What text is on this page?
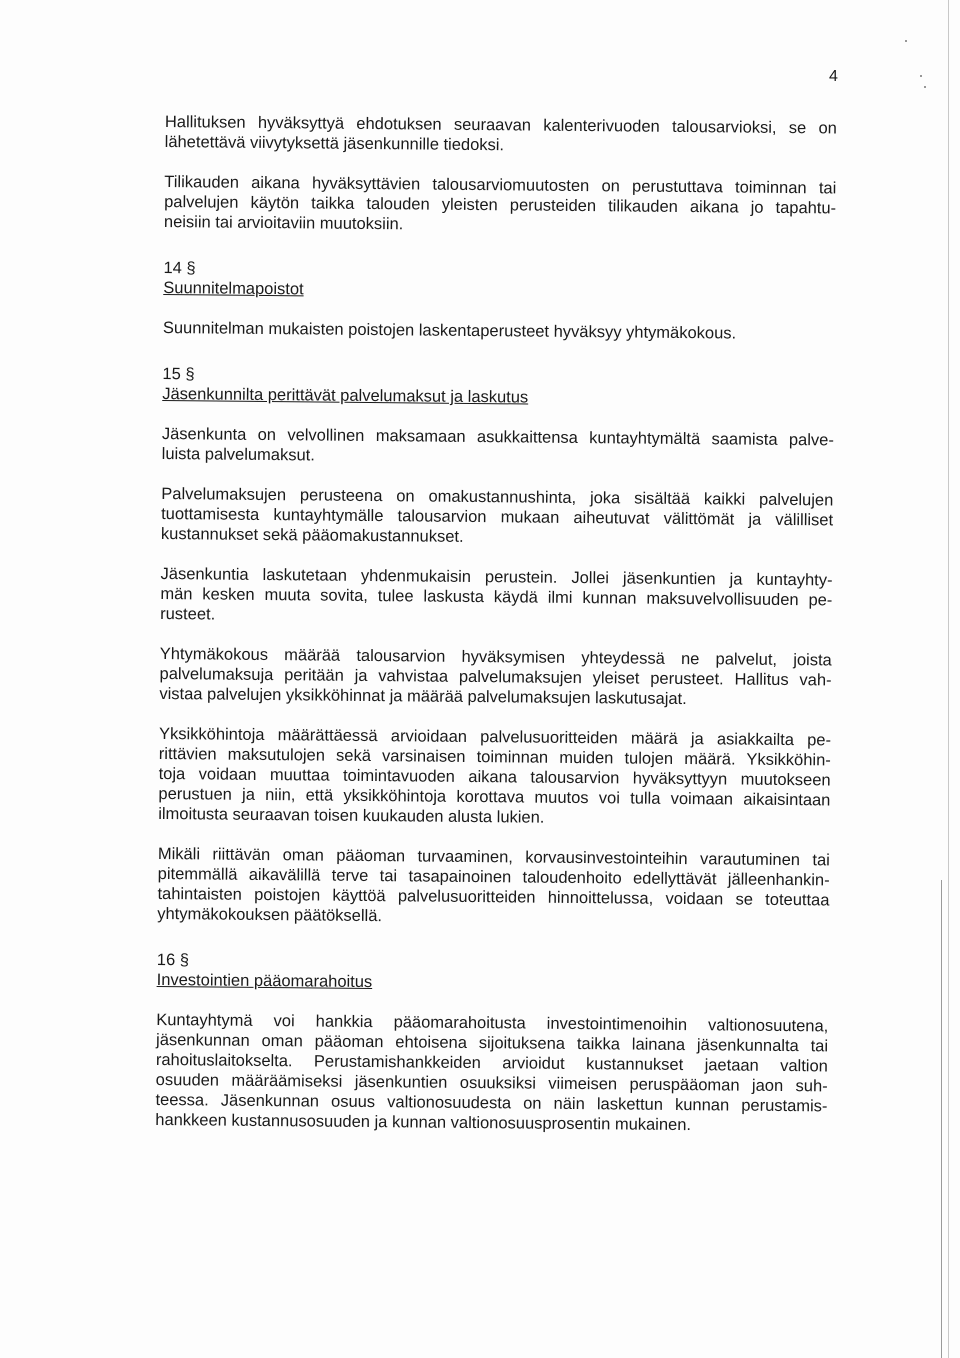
4

Hallituksen hyväksyttyä ehdotuksen seuraavan kalenterivuoden talousarvioksi, se on
lähetettävä viivytyksettä jäsenkunnille tiedoksi.

Tilikauden aikana hyväksyttävien talousarviomuutosten on perustuttava toiminnan tai
palvelujen käytön taikka talouden yleisten perusteiden tilikauden aikana jo tapahtu-
neisiin tai arvioitaviin muutoksiin.

14 §
Suunnitelmapoistot

Suunnitelman mukaisten poistojen laskentaperusteet hyväksyy yhtymäkokous.

15 §
Jäsenkunnilta perittävät palvelumaksut ja laskutus

Jäsenkunta on velvollinen maksamaan asukkaittensa kuntayhtymältä saamista palve-
luista palvelumaksut.

Palvelumaksujen perusteena on omakustannushinta, joka sisältää kaikki palvelujen
tuottamisesta kuntayhtymälle talousarvion mukaan aiheutuvat välittömät ja välilliset
kustannukset sekä pääomakustannukset.

Jäsenkuntia laskutetaan yhdenmukaisin perustein. Jollei jäsenkuntien ja kuntayhty-
män kesken muuta sovita, tulee laskusta käydä ilmi kunnan maksuvelvollisuuden pe-
rusteet.

Yhtymäkokous määrää talousarvion hyväksymisen yhteydessä ne palvelut, joista
palvelumaksuja peritään ja vahvistaa palvelumaksujen yleiset perusteet. Hallitus vah-
vistaa palvelujen yksikköhinnat ja määrää palvelumaksujen laskutusajat.

Yksikköhintoja määrättäessä arvioidaan palvelusuoritteiden määrä ja asiakkailta pe-
rittävien maksutulojen sekä varsinaisen toiminnan muiden tulojen määrä. Yksikköhin-
toja voidaan muuttaa toimintavuoden aikana talousarvion hyväksyttyyn muutokseen
perustuen ja niin, että yksikköhintoja korottava muutos voi tulla voimaan aikaisintaan
ilmoitusta seuraavan toisen kuukauden alusta lukien.

Mikäli riittävän oman pääoman turvaaminen, korvausinvestointeihin varautuminen tai
pitemmällä aikavälillä terve tai tasapainoinen taloudenhoito edellyttävät jälleenhankin-
tahintaisten poistojen käyttöä palvelusuoritteiden hinnoittelussa, voidaan se toteuttaa
yhtymäkokouksen päätöksellä.

16 §
Investointien pääomarahoitus

Kuntayhtymä voi hankkia pääomarahoitusta investointimenoihin valtionosuutena,
jäsenkunnan oman pääoman ehtoisena sijoituksena taikka lainana jäsenkunnalta tai
rahoituslaitokselta. Perustamishankkeiden arvioidut kustannukset jaetaan valtion
osuuden määräämiseksi jäsenkuntien osuuksiksi viimeisen peruspääoman jaon suh-
teessa. Jäsenkunnan osuus valtionosuudesta on näin laskettun kunnan perustamis-
hankkeen kustannusosuuden ja kunnan valtionosuusprosentin mukainen.
